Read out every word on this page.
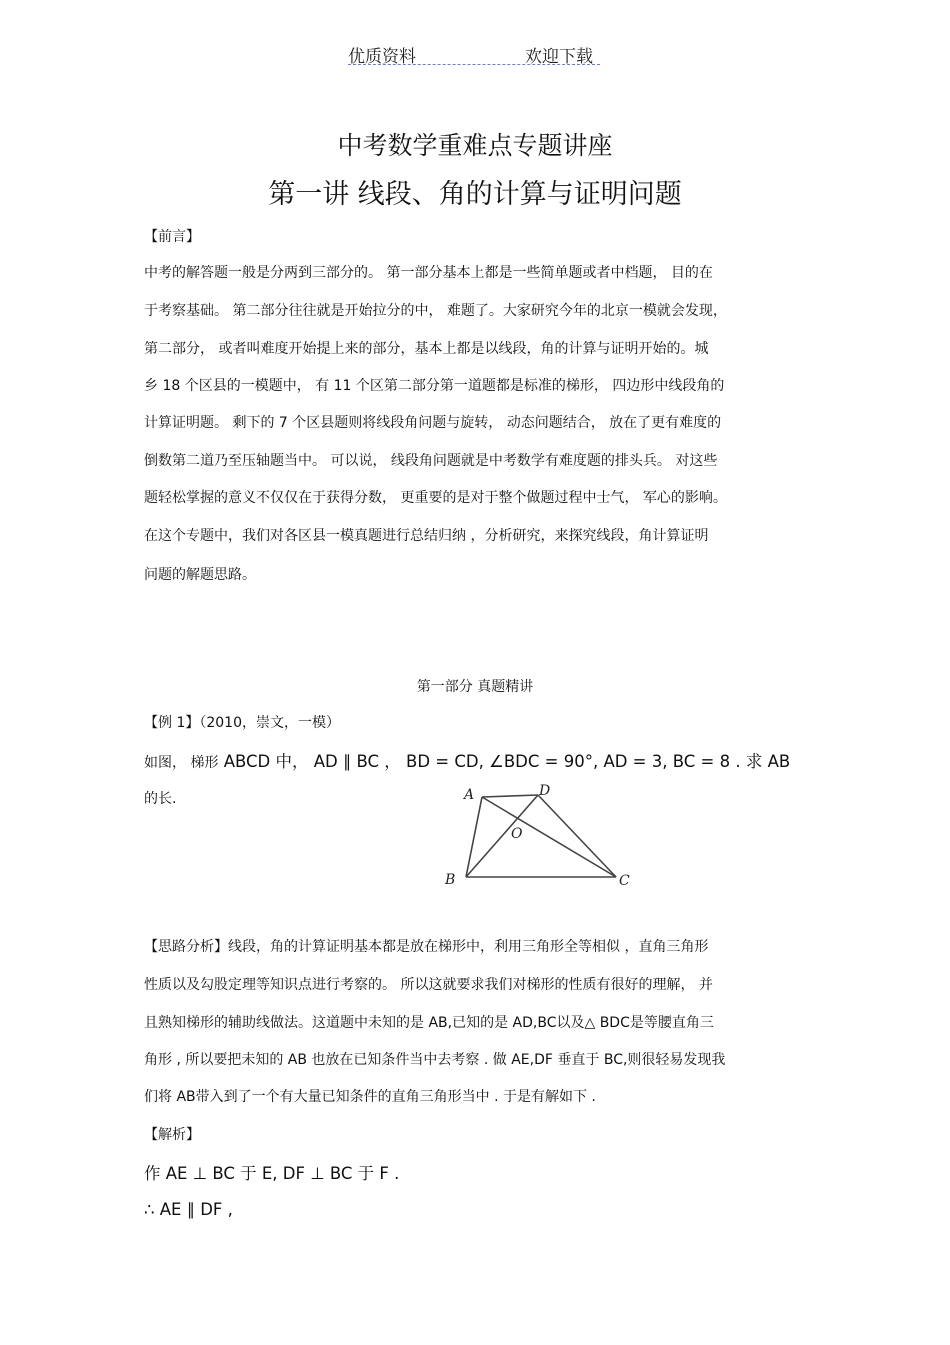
优质资料	欢迎下载
中考数学重难点专题讲座
第一讲 线段、角的计算与证明问题
【前言】
中考的解答题一般是分两到三部分的。 第一部分基本上都是一些简单题或者中档题， 目的在
于考察基础。 第二部分往往就是开始拉分的中， 难题了。大家研究今年的北京一模就会发现，
第二部分， 或者叫难度开始提上来的部分，基本上都是以线段，角的计算与证明开始的。城
乡 18 个区县的一模题中， 有 11 个区第二部分第一道题都是标准的梯形， 四边形中线段角的
计算证明题。 剩下的 7 个区县题则将线段角问题与旋转， 动态问题结合， 放在了更有难度的
倒数第二道乃至压轴题当中。 可以说， 线段角问题就是中考数学有难度题的排头兵。 对这些
题轻松掌握的意义不仅仅在于获得分数， 更重要的是对于整个做题过程中士气， 军心的影响。
在这个专题中，我们对各区县一模真题进行总结归纳 ，分析研究，来探究线段，角计算证明
问题的解题思路。
第一部分 真题精讲
【例 1】（2010，崇文，一模）
如图， 梯形 ABCD 中， AD ∥ BC ， BD = CD, ∠BDC = 90°, AD = 3, BC = 8 . 求 AB
的长.	A	D
O
B	C
【思路分析】线段，角的计算证明基本都是放在梯形中，利用三角形全等相似 ，直角三角形
性质以及勾股定理等知识点进行考察的。 所以这就要求我们对梯形的性质有很好的理解， 并
且熟知梯形的辅助线做法。这道题中未知的是 AB,已知的是 AD,BC以及△ BDC是等腰直角三
角形 , 所以要把未知的 AB 也放在已知条件当中去考察 . 做 AE,DF 垂直于 BC,则很轻易发现我
们将 AB带入到了一个有大量已知条件的直角三角形当中 . 于是有解如下 .
【解析】
作 AE ⊥ BC 于 E, DF ⊥ BC 于 F .
∴ AE ∥ DF ,
